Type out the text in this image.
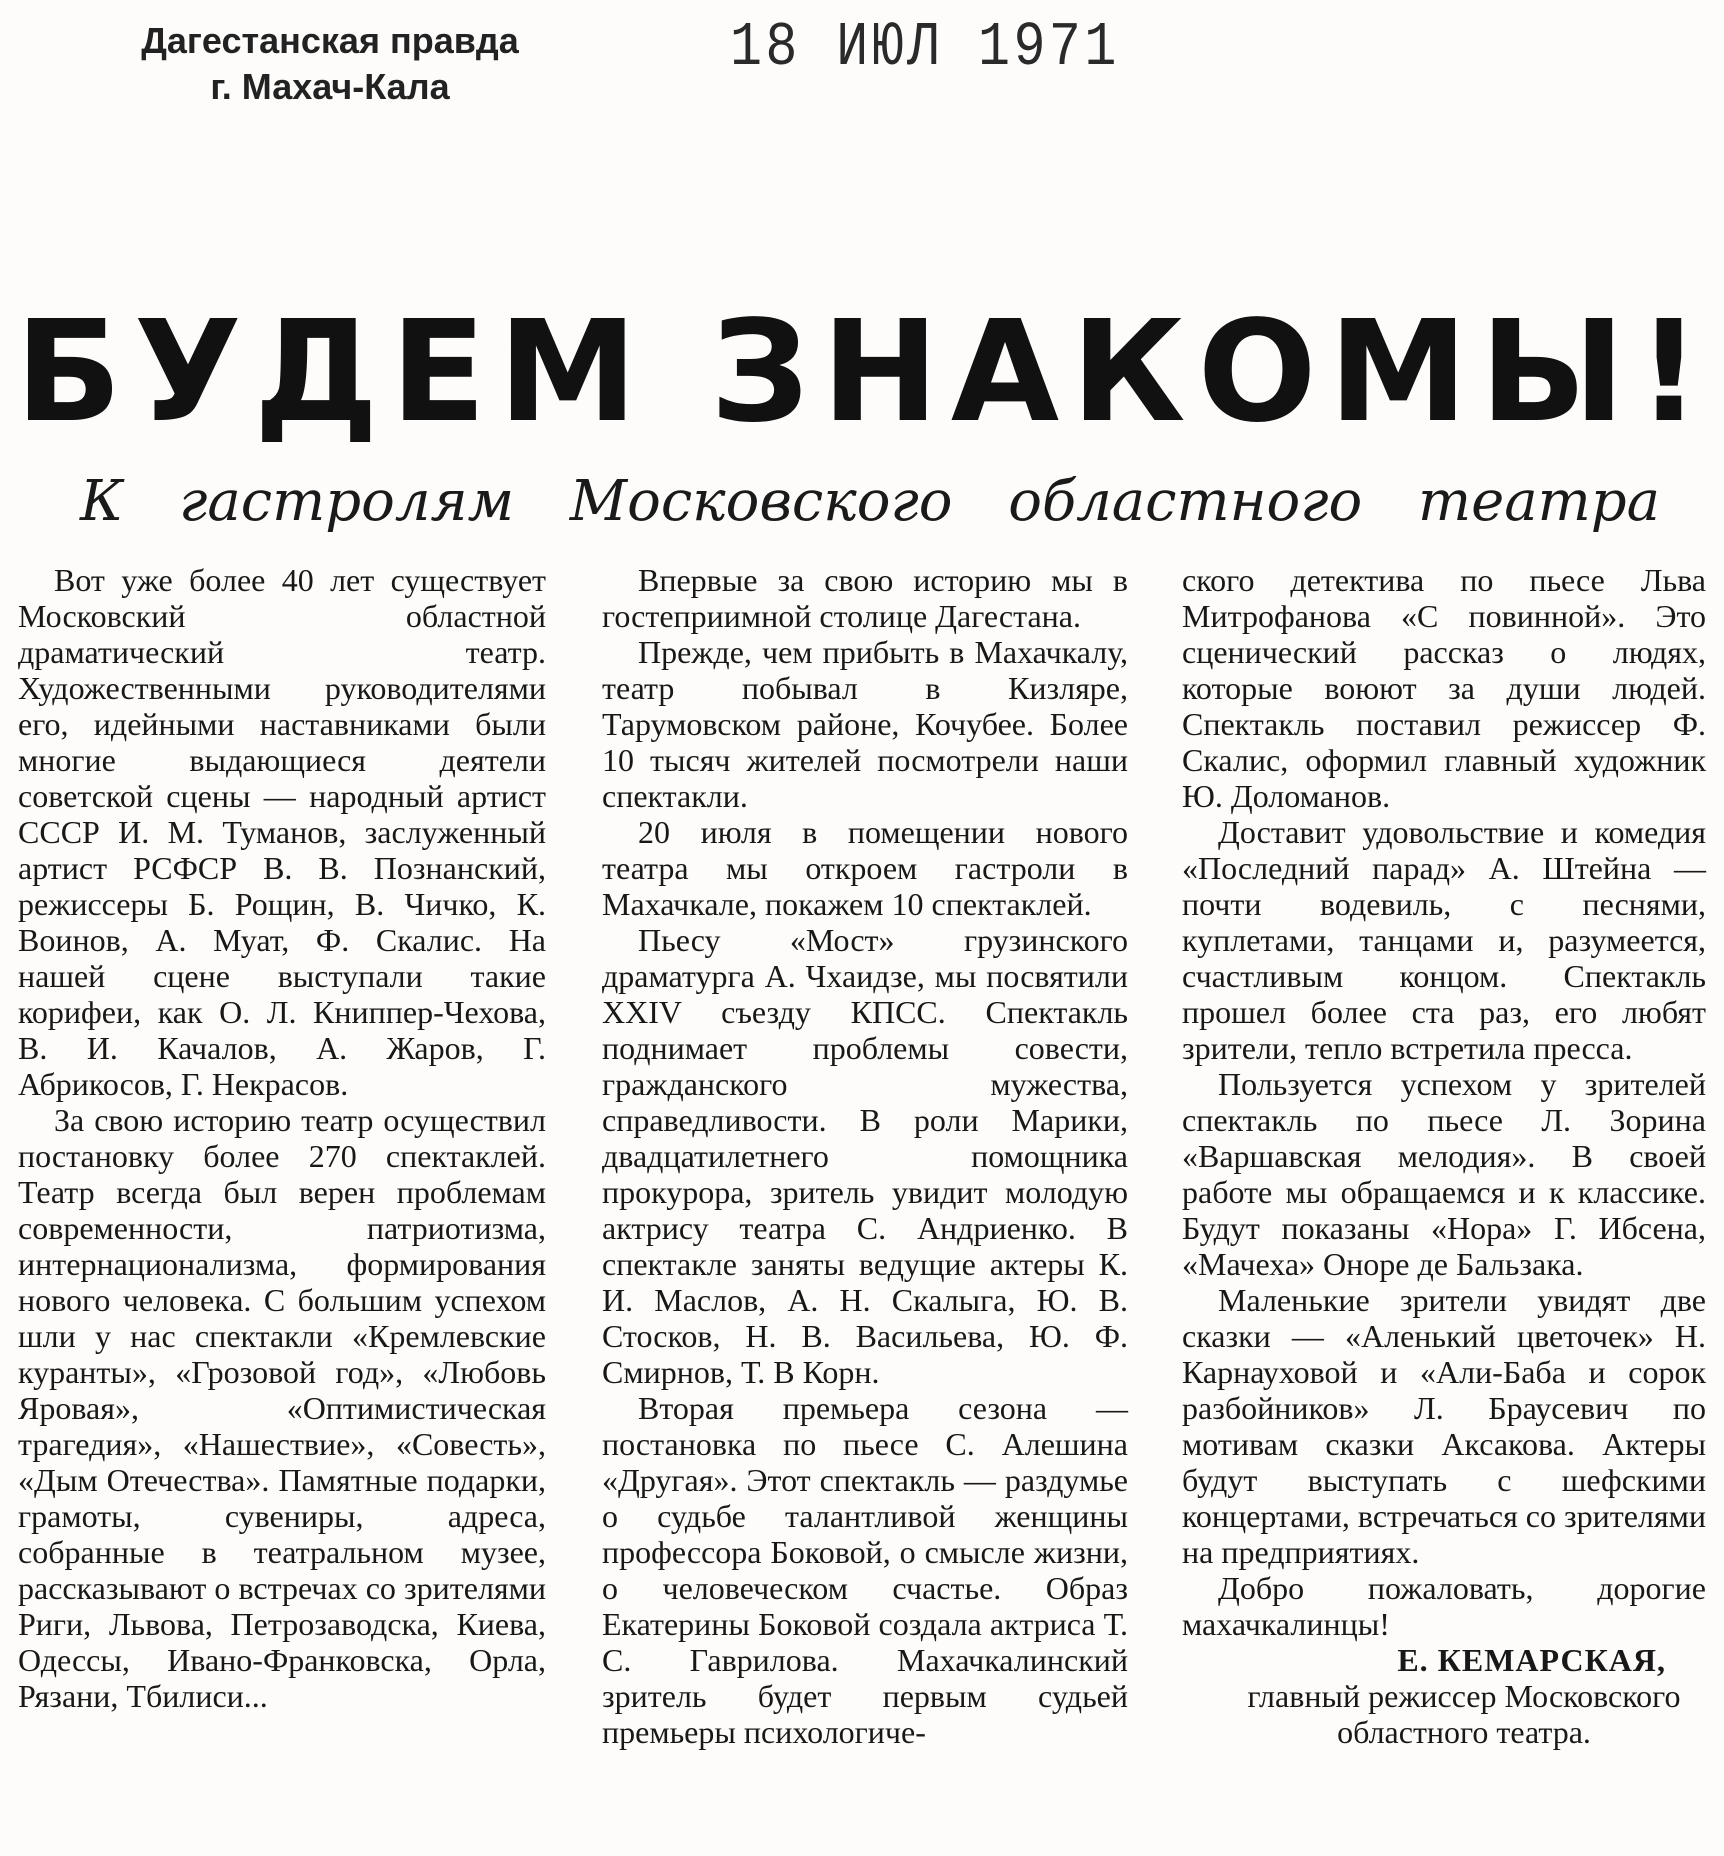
Дагестанская правда
г. Махач-Кала
18 ИЮЛ 1971
БУДЕМ ЗНАКОМЫ!
К гастролям Московского областного театра

Вот уже более 40 лет существует Московский областной драматический театр. Художественными руководителями его, идейными наставниками были многие выдающиеся деятели советской сцены — народный артист СССР И. М. Туманов, заслуженный артист РСФСР В. В. Познанский, режиссеры Б. Рощин, В. Чичко, К. Воинов, А. Муат, Ф. Скалис. На нашей сцене выступали такие корифеи, как О. Л. Книппер-Чехова, В. И. Качалов, А. Жаров, Г. Абрикосов, Г. Некрасов.

За свою историю театр осуществил постановку более 270 спектаклей. Театр всегда был верен проблемам современности, патриотизма, интернационализма, формирования нового человека. С большим успехом шли у нас спектакли «Кремлевские куранты», «Грозовой год», «Любовь Яровая», «Оптимистическая трагедия», «Нашествие», «Совесть», «Дым Отечества». Памятные подарки, грамоты, сувениры, адреса, собранные в театральном музее, рассказывают о встречах со зрителями Риги, Львова, Петрозаводска, Киева, Одессы, Ивано-Франковска, Орла, Рязани, Тбилиси...

Впервые за свою историю мы в гостеприимной столице Дагестана.

Прежде, чем прибыть в Махачкалу, театр побывал в Кизляре, Тарумовском районе, Кочубее. Более 10 тысяч жителей посмотрели наши спектакли.

20 июля в помещении нового театра мы откроем гастроли в Махачкале, покажем 10 спектаклей.

Пьесу «Мост» грузинского драматурга А. Чхаидзе, мы посвятили XXIV съезду КПСС. Спектакль поднимает проблемы совести, гражданского мужества, справедливости. В роли Марики, двадцатилетнего помощника прокурора, зритель увидит молодую актрису театра С. Андриенко. В спектакле заняты ведущие актеры К. И. Маслов, А. Н. Скалыга, Ю. В. Стосков, Н. В. Васильева, Ю. Ф. Смирнов, Т. В Корн.

Вторая премьера сезона — постановка по пьесе С. Алешина «Другая». Этот спектакль — раздумье о судьбе талантливой женщины профессора Боковой, о смысле жизни, о человеческом счастье. Образ Екатерины Боковой создала актриса Т. С. Гаврилова. Махачкалинский зритель будет первым судьей премьеры психологиче-

ского детектива по пьесе Льва Митрофанова «С повинной». Это сценический рассказ о людях, которые воюют за души людей. Спектакль поставил режиссер Ф. Скалис, оформил главный художник Ю. Доломанов.

Доставит удовольствие и комедия «Последний парад» А. Штейна — почти водевиль, с песнями, куплетами, танцами и, разумеется, счастливым концом. Спектакль прошел более ста раз, его любят зрители, тепло встретила пресса.

Пользуется успехом у зрителей спектакль по пьесе Л. Зорина «Варшавская мелодия». В своей работе мы обращаемся и к классике. Будут показаны «Нора» Г. Ибсена, «Мачеха» Оноре де Бальзака.

Маленькие зрители увидят две сказки — «Аленький цветочек» Н. Карнауховой и «Али-Баба и сорок разбойников» Л. Браусевич по мотивам сказки Аксакова. Актеры будут выступать с шефскими концертами, встречаться со зрителями на предприятиях.

Добро пожаловать, дорогие махачкалинцы!

Е. КЕМАРСКАЯ,
главный режиссер Московского областного театра.
